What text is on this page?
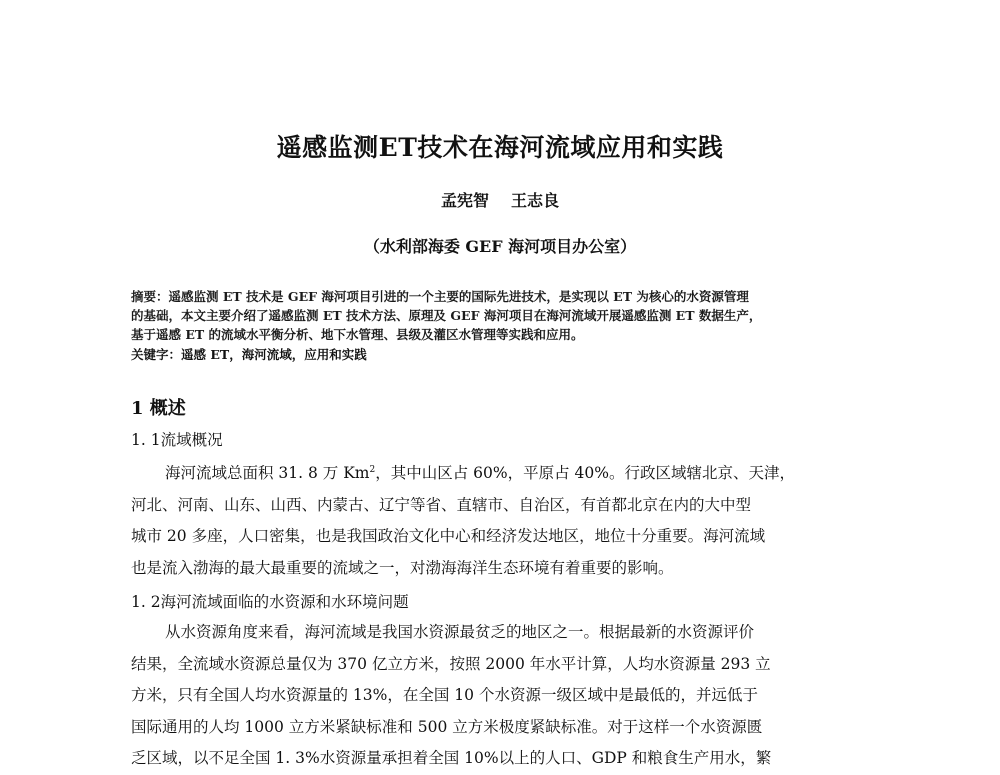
遥感监测ET技术在海河流域应用和实践
孟宪智 王志良
（水利部海委 GEF 海河项目办公室）
摘要：遥感监测 ET 技术是 GEF 海河项目引进的一个主要的国际先进技术，是实现以 ET 为核心的水资源管理
的基础，本文主要介绍了遥感监测 ET 技术方法、原理及 GEF 海河项目在海河流域开展遥感监测 ET 数据生产，
基于遥感 ET 的流域水平衡分析、地下水管理、县级及灌区水管理等实践和应用。
关键字：遥感 ET，海河流域，应用和实践
1 概述
1. 1流域概况
海河流域总面积 31. 8 万 Km$^2$，其中山区占 60%，平原占 40%。行政区域辖北京、天津，
河北、河南、山东、山西、内蒙古、辽宁等省、直辖市、自治区，有首都北京在内的大中型
城市 20 多座，人口密集，也是我国政治文化中心和经济发达地区，地位十分重要。海河流域
也是流入渤海的最大最重要的流域之一，对渤海海洋生态环境有着重要的影响。
1. 2海河流域面临的水资源和水环境问题
从水资源角度来看，海河流域是我国水资源最贫乏的地区之一。根据最新的水资源评价
结果，全流域水资源总量仅为 370 亿立方米，按照 2000 年水平计算，人均水资源量 293 立
方米，只有全国人均水资源量的 13%，在全国 10 个水资源一级区域中是最低的，并远低于
国际通用的人均 1000 立方米紧缺标准和 500 立方米极度紧缺标准。对于这样一个水资源匮
乏区域，以不足全国 1. 3%水资源量承担着全国 10%以上的人口、GDP 和粮食生产用水，繁
